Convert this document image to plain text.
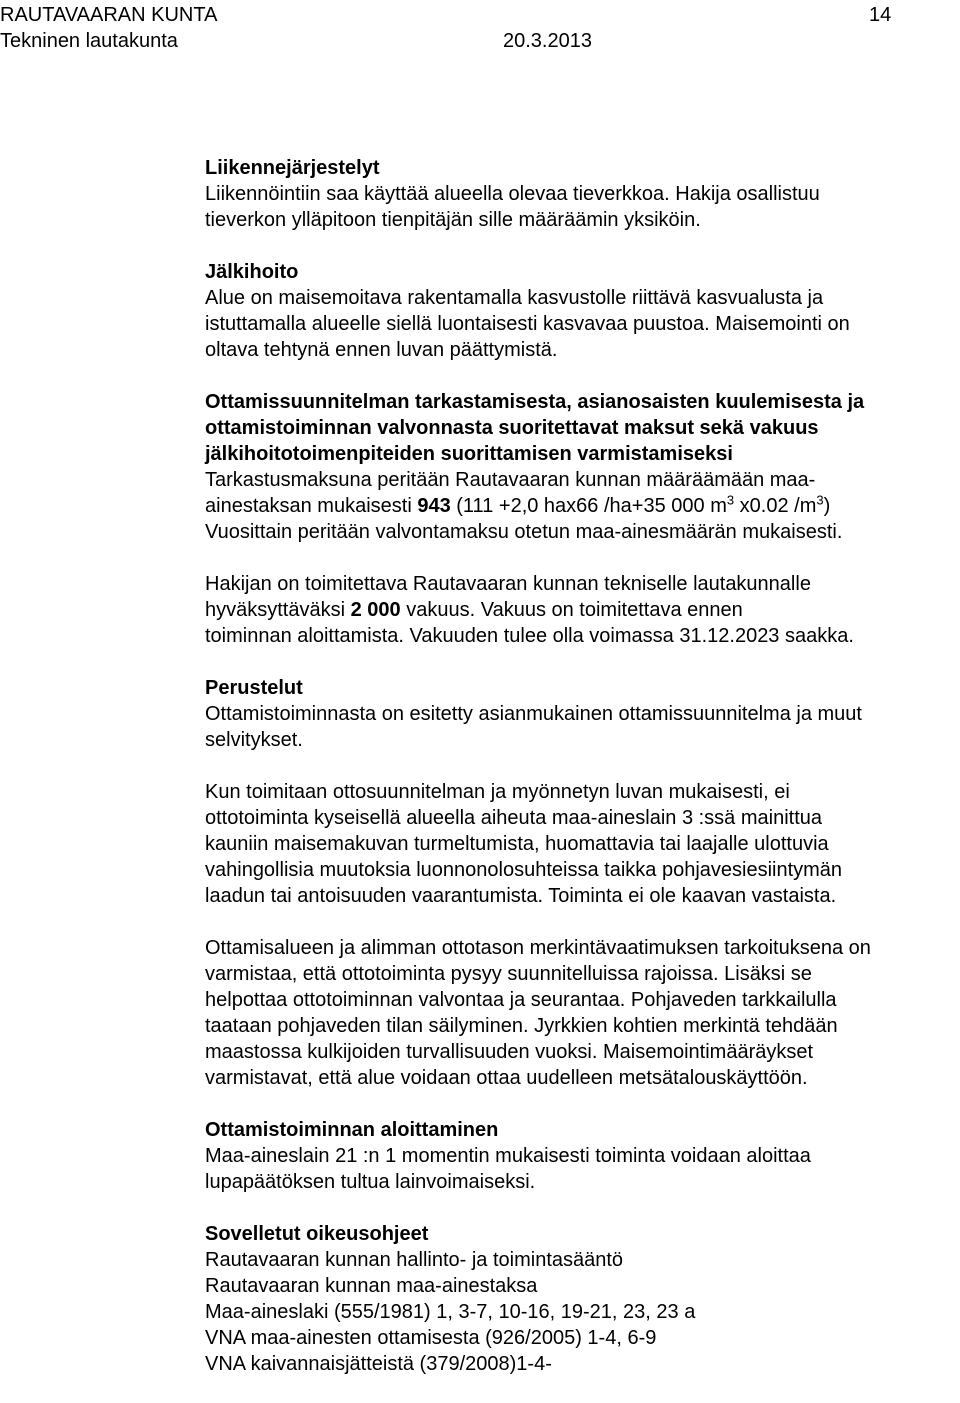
RAUTAVAARAN KUNTA	14
Tekninen lautakunta	20.3.2013
Liikennejärjestelyt
Liikennöintiin saa käyttää alueella olevaa tieverkkoa. Hakija osallistuu
tieverkon ylläpitoon tienpitäjän sille määräämin yksiköin.
Jälkihoito
Alue on maisemoitava rakentamalla kasvustolle riittävä kasvualusta ja
istuttamalla alueelle siellä luontaisesti kasvavaa puustoa. Maisemointi on
oltava tehtynä ennen luvan päättymistä.
Ottamissuunnitelman tarkastamisesta, asianosaisten kuulemisesta ja
ottamistoiminnan valvonnasta suoritettavat maksut sekä vakuus
jälkihoitotoimenpiteiden suorittamisen varmistamiseksi
Tarkastusmaksuna peritään Rautavaaran kunnan määräämään maa-
ainestaksan mukaisesti 943 (111 +2,0 hax66 /ha+35 000 $m^3$ x0.02 $/m^3$)
Vuosittain peritään valvontamaksu otetun maa-ainesmäärän mukaisesti.
Hakijan on toimitettava Rautavaaran kunnan tekniselle lautakunnalle
hyväksyttäväksi 2 000 vakuus. Vakuus on toimitettava ennen
toiminnan aloittamista. Vakuuden tulee olla voimassa 31.12.2023 saakka.
Perustelut
Ottamistoiminnasta on esitetty asianmukainen ottamissuunnitelma ja muut
selvitykset.
Kun toimitaan ottosuunnitelman ja myönnetyn luvan mukaisesti, ei
ottotoiminta kyseisellä alueella aiheuta maa-aineslain 3 :ssä mainittua
kauniin maisemakuvan turmeltumista, huomattavia tai laajalle ulottuvia
vahingollisia muutoksia luonnonolosuhteissa taikka pohjavesiesiintymän
laadun tai antoisuuden vaarantumista. Toiminta ei ole kaavan vastaista.
Ottamisalueen ja alimman ottotason merkintävaatimuksen tarkoituksena on
varmistaa, että ottotoiminta pysyy suunnitelluissa rajoissa. Lisäksi se
helpottaa ottotoiminnan valvontaa ja seurantaa. Pohjaveden tarkkailulla
taataan pohjaveden tilan säilyminen. Jyrkkien kohtien merkintä tehdään
maastossa kulkijoiden turvallisuuden vuoksi. Maisemointimääräykset
varmistavat, että alue voidaan ottaa uudelleen metsätalouskäyttöön.
Ottamistoiminnan aloittaminen
Maa-aineslain 21 :n 1 momentin mukaisesti toiminta voidaan aloittaa
lupapäätöksen tultua lainvoimaiseksi.
Sovelletut oikeusohjeet
Rautavaaran kunnan hallinto- ja toimintasääntö
Rautavaaran kunnan maa-ainestaksa
Maa-aineslaki (555/1981) 1, 3-7, 10-16, 19-21, 23, 23 a
VNA maa-ainesten ottamisesta (926/2005) 1-4, 6-9
VNA kaivannaisjätteistä (379/2008)1-4-
